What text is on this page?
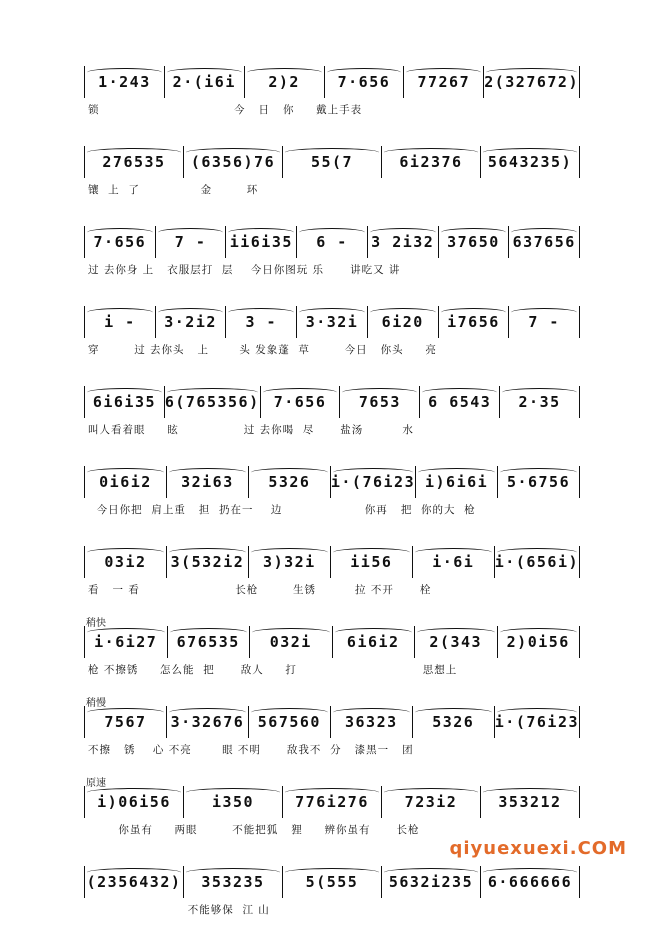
1·243 2·(i6i 2)2	7·656 77267 2(327672)
锁                               今   日   你     戴上手表
276535 (6356)76 55(7	6i2376 5643235)
镶  上  了              金        环
7·656 7 - ii6i35 6 - 3 2i32 37650 637656
过 去你身 上   衣服层打  层    今日你图玩 乐      讲吃又 讲
i - 3·2i2 3 - 3·32i 6i20 i7656 7 -
穿        过 去你头   上       头 发象蓬  草        今日   你头     亮
6i6i35 6(765356) 7·656 7653 6 6543 2·35
叫人看着眼     眩               过 去你喝  尽      盐汤         水
0i6i2 32i63 5326 i·(76i23 i)6i6i 5·6756
今日你把  肩上重   担  扔在一    边                   你再   把  你的大  枪
03i2 3(532i2 3)32i ii56	i·6i i·(656i)
看   一 看                      长枪        生锈         拉 不开      栓
稍快
i·6i27 676535 032i 6i6i2 2(343 2)0i56
枪 不擦锈     怎么能  把      敌人     打                             思想上
稍慢
7567 3·32676 567560 36323 5326 i·(76i23
不擦   锈    心 不亮       眼 不明      敌我不  分   漆黑一   团
原速
i)06i56	i350	776i276 723i2	353212
你虽有     两眼        不能把狐   狸     辨你虽有      长枪
(2356432) 353235	5(555 5632i235 6·666666
不能够保  江 山
qiyuexuexi.COM
